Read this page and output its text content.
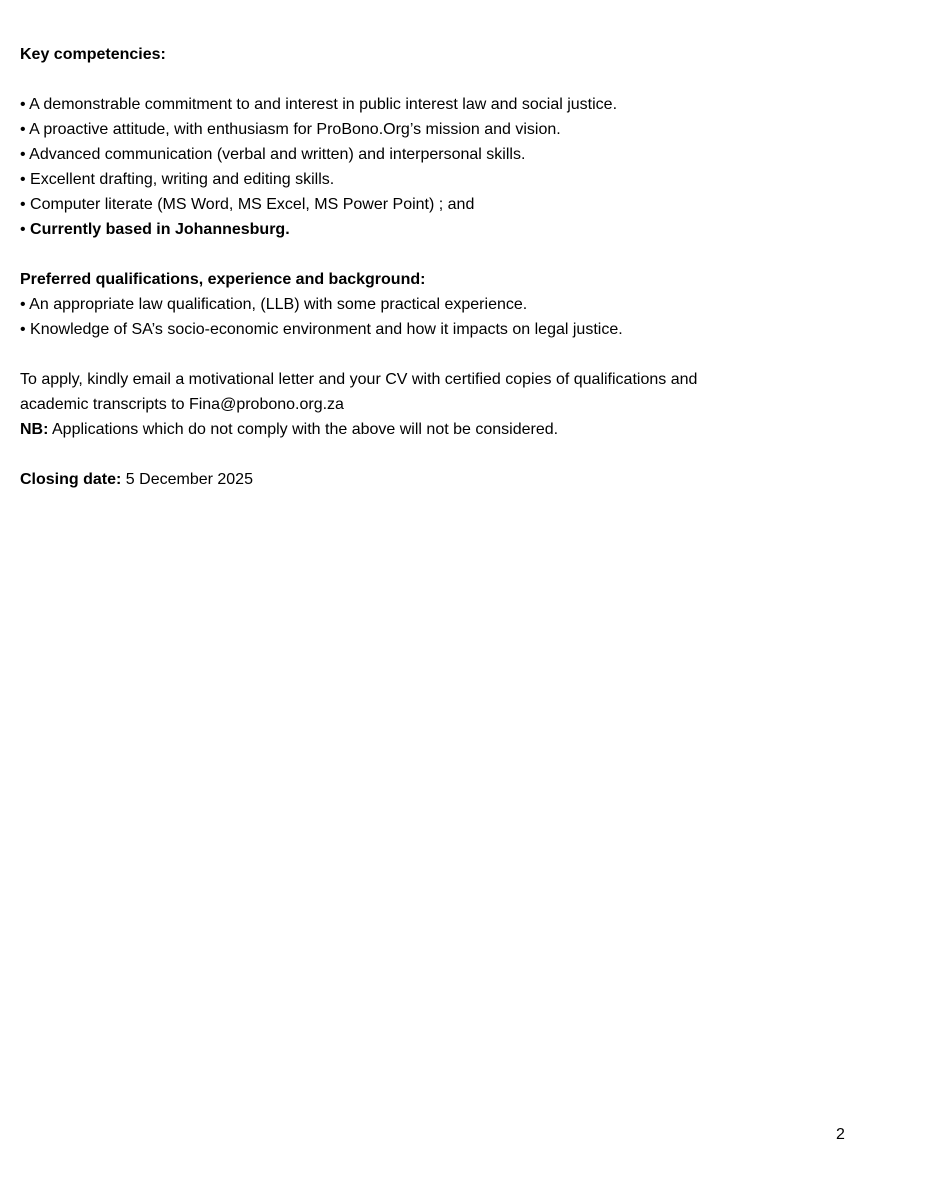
Key competencies:
• A demonstrable commitment to and interest in public interest law and social justice.
• A proactive attitude, with enthusiasm for ProBono.Org’s mission and vision.
• Advanced communication (verbal and written) and interpersonal skills.
• Excellent drafting, writing and editing skills.
• Computer literate (MS Word, MS Excel, MS Power Point) ; and
• Currently based in Johannesburg.
Preferred qualifications, experience and background:
• An appropriate law qualification, (LLB) with some practical experience.
• Knowledge of SA’s socio-economic environment and how it impacts on legal justice.
To apply, kindly email a motivational letter and your CV with certified copies of qualifications and
academic transcripts to Fina@probono.org.za
NB: Applications which do not comply with the above will not be considered.
Closing date: 5 December 2025
2
